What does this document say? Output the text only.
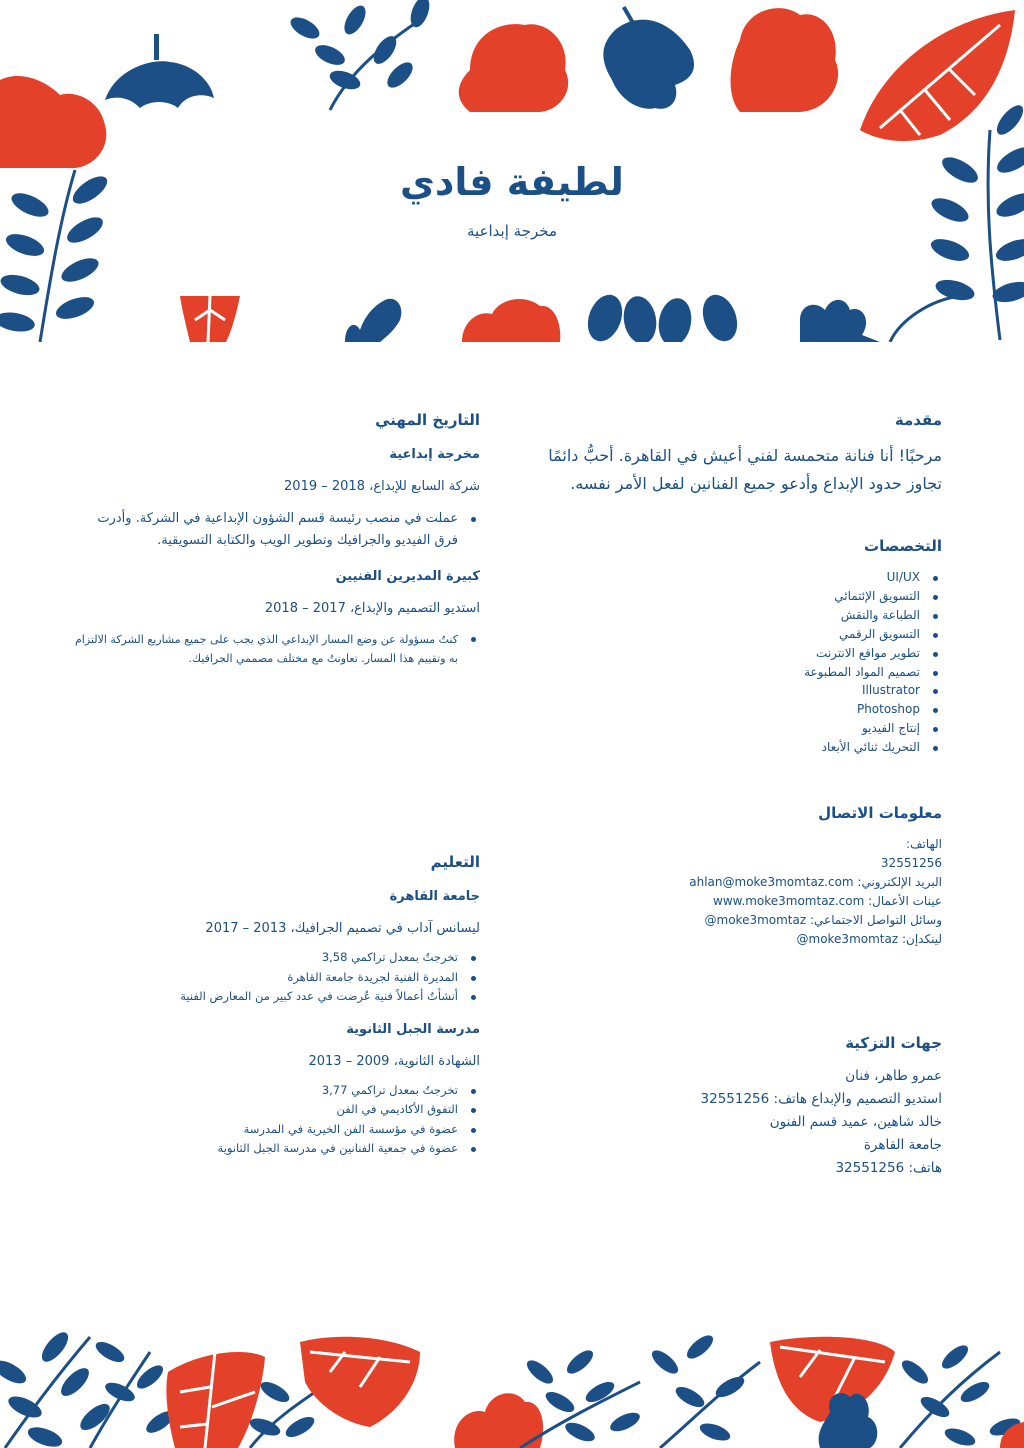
لطيفة فادي
مخرجة إبداعية
مقدمة

مرحبًا! أنا فنانة متحمسة لفني أعيش في القاهرة. أحبُّ دائمًا تجاوز حدود الإبداع وأدعو جميع الفنانين لفعل الأمر نفسه.

التخصصات
UI/UX
التسويق الإئتمائي
الطباعة والنقش
التسويق الرقمي
تطوير مواقع الانترنت
تصميم المواد المطبوعة
Illustrator
Photoshop
إنتاج الفيديو
التحريك ثنائي الأبعاد
معلومات الاتصال
الهاتف:
32551256
البريد الإلكتروني: ahlan@moke3momtaz.com
عينات الأعمال: www.moke3momtaz.com
وسائل التواصل الاجتماعي: @moke3momtaz
لينكدإن: @moke3momtaz
جهات التزكية
عمرو طاهر، فنان
استديو التصميم والإبداع هاتف: 32551256
خالد شاهين، عميد قسم الفنون
جامعة القاهرة
هاتف: 32551256
التاريخ المهني
مخرجة إبداعية
شركة السابع للإبداع، 2018 – 2019
عملت في منصب رئيسة قسم الشؤون الإبداعية في الشركة. وأدرت فرق الفيديو والجرافيك وتطوير الويب والكتابة التسويقية.
كبيرة المديرين الفنيين
استديو التصميم والإبداع، 2017 – 2018
كنتُ مسؤولة عن وضع المسار الإبداعي الذي يجب على جميع مشاريع الشركة الالتزام به وتقييم هذا المسار. تعاونتُ مع مختلف مصممي الجرافيك.
التعليم
جامعة القاهرة
ليسانس آداب في تصميم الجرافيك، 2013 – 2017
تخرجتُ بمعدل تراكمي 3,58
المديرة الفنية لجريدة جامعة القاهرة
أنشأتُ أعمالاً فنية عُرضت في عدد كبير من المعارض الفنية
مدرسة الجبل الثانوية
الشهادة الثانوية، 2009 – 2013
تخرجتُ بمعدل تراكمي 3,77
التفوق الأكاديمي في الفن
عضوة في مؤسسة الفن الخيرية في المدرسة
عضوة في جمعية الفنانين في مدرسة الجبل الثانوية
